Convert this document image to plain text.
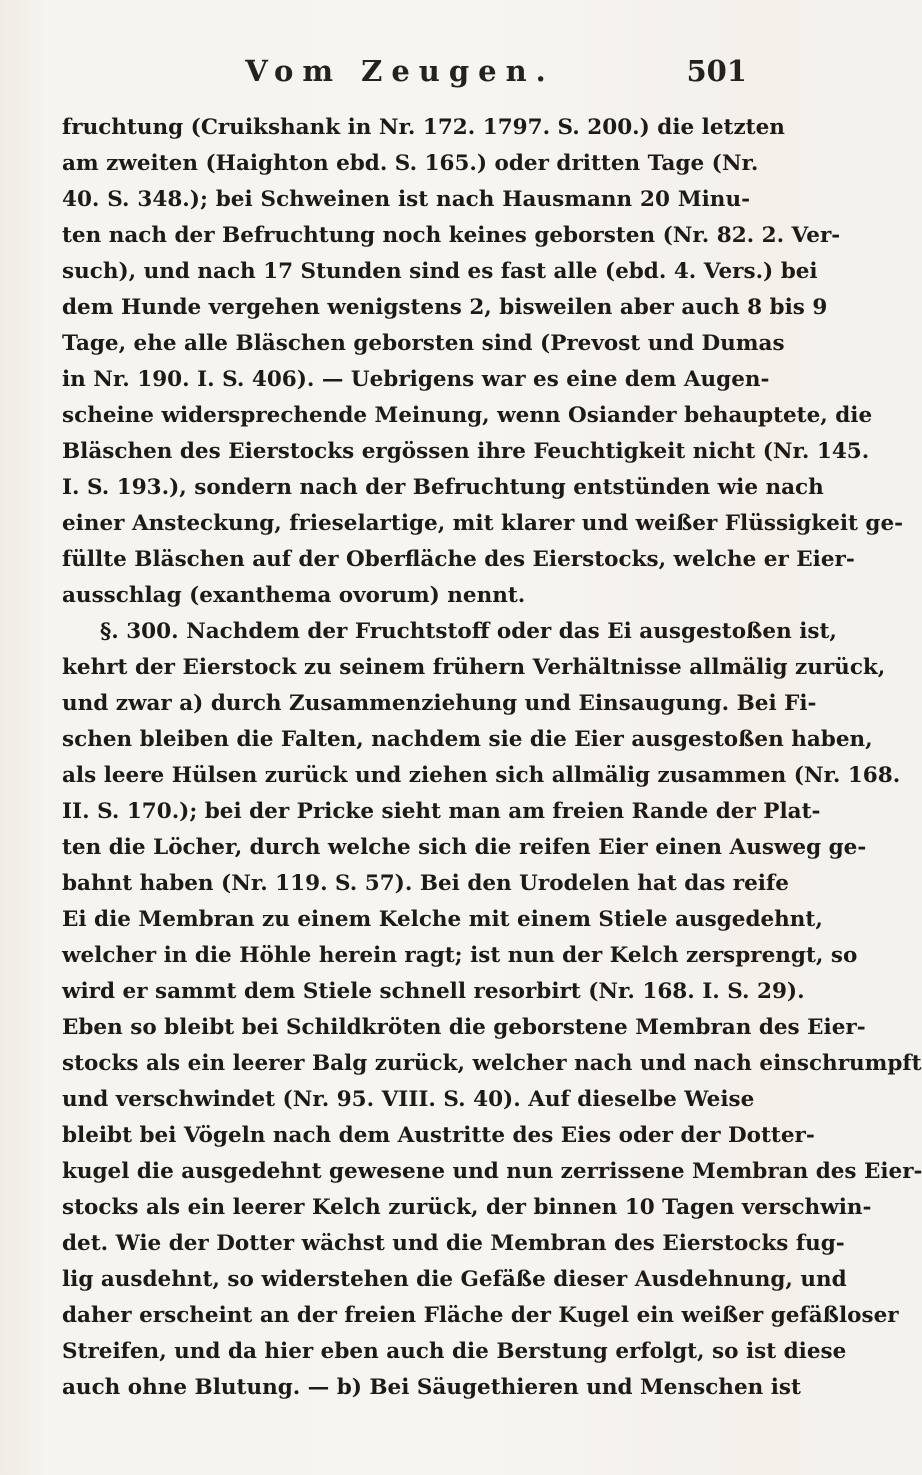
Vom Zeugen.	501
fruchtung (Cruikshank in Nr. 172. 1797. S. 200.) die letzten
am zweiten (Haighton ebd. S. 165.) oder dritten Tage (Nr.
40. S. 348.); bei Schweinen ist nach Hausmann 20 Minu-
ten nach der Befruchtung noch keines geborsten (Nr. 82. 2. Ver-
such), und nach 17 Stunden sind es fast alle (ebd. 4. Vers.) bei
dem Hunde vergehen wenigstens 2, bisweilen aber auch 8 bis 9
Tage, ehe alle Bläschen geborsten sind (Prevost und Dumas
in Nr. 190. I. S. 406). — Uebrigens war es eine dem Augen-
scheine widersprechende Meinung, wenn Osiander behauptete, die
Bläschen des Eierstocks ergössen ihre Feuchtigkeit nicht (Nr. 145.
I. S. 193.), sondern nach der Befruchtung entstünden wie nach
einer Ansteckung, frieselartige, mit klarer und weißer Flüssigkeit ge-
füllte Bläschen auf der Oberfläche des Eierstocks, welche er Eier-
ausschlag (exanthema ovorum) nennt.
§. 300. Nachdem der Fruchtstoff oder das Ei ausgestoßen ist,
kehrt der Eierstock zu seinem frühern Verhältnisse allmälig zurück,
und zwar a) durch Zusammenziehung und Einsaugung. Bei Fi-
schen bleiben die Falten, nachdem sie die Eier ausgestoßen haben,
als leere Hülsen zurück und ziehen sich allmälig zusammen (Nr. 168.
II. S. 170.); bei der Pricke sieht man am freien Rande der Plat-
ten die Löcher, durch welche sich die reifen Eier einen Ausweg ge-
bahnt haben (Nr. 119. S. 57). Bei den Urodelen hat das reife
Ei die Membran zu einem Kelche mit einem Stiele ausgedehnt,
welcher in die Höhle herein ragt; ist nun der Kelch zersprengt, so
wird er sammt dem Stiele schnell resorbirt (Nr. 168. I. S. 29).
Eben so bleibt bei Schildkröten die geborstene Membran des Eier-
stocks als ein leerer Balg zurück, welcher nach und nach einschrumpft
und verschwindet (Nr. 95. VIII. S. 40). Auf dieselbe Weise
bleibt bei Vögeln nach dem Austritte des Eies oder der Dotter-
kugel die ausgedehnt gewesene und nun zerrissene Membran des Eier-
stocks als ein leerer Kelch zurück, der binnen 10 Tagen verschwin-
det. Wie der Dotter wächst und die Membran des Eierstocks fug-
lig ausdehnt, so widerstehen die Gefäße dieser Ausdehnung, und
daher erscheint an der freien Fläche der Kugel ein weißer gefäßloser
Streifen, und da hier eben auch die Berstung erfolgt, so ist diese
auch ohne Blutung. — b) Bei Säugethieren und Menschen ist
